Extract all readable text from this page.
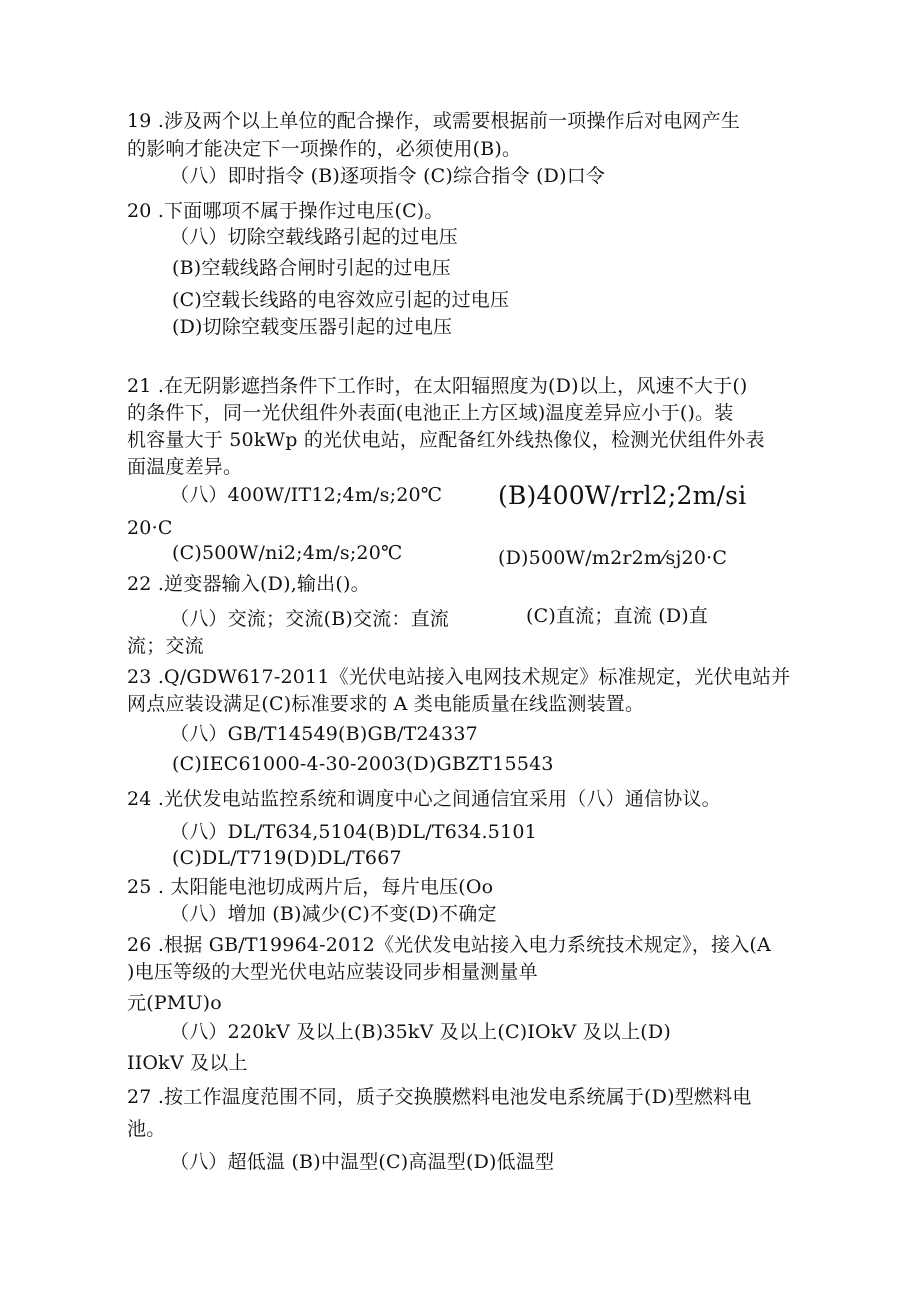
19 .涉及两个以上单位的配合操作，或需要根据前一项操作后对电网产生
的影响才能决定下一项操作的，必须使用(B)。
（八）即时指令 (B)逐项指令 (C)综合指令 (D)口令
20 .下面哪项不属于操作过电压(C)。
（八）切除空载线路引起的过电压
(B)空载线路合闸时引起的过电压
(C)空载长线路的电容效应引起的过电压
(D)切除空载变压器引起的过电压
21 .在无阴影遮挡条件下工作时，在太阳辐照度为(D)以上，风速不大于()
的条件下，同一光伏组件外表面(电池正上方区域)温度差异应小于()。装
机容量大于 50kWp 的光伏电站，应配备红外线热像仪，检测光伏组件外表
面温度差异。
（八）400W/IT12;4m/s;20℃ (B)400W/rrl2;2m/si
20·C
(C)500W/ni2;4m/s;20℃	(D)500W/m2r2m⁄sj20·C
22 .逆变器输入(D),输出()。
（八）交流；交流(B)交流：直流	(C)直流；直流 (D)直
流；交流
23 .Q/GDW617-2011《光伏电站接入电网技术规定》标准规定，光伏电站并
网点应装设满足(C)标准要求的 A 类电能质量在线监测装置。
（八）GB/T14549(B)GB/T24337
(C)IEC61000-4-30-2003(D)GBZT15543
24 .光伏发电站监控系统和调度中心之间通信宜采用（八）通信协议。
（八）DL/T634,5104(B)DL/T634.5101
(C)DL/T719(D)DL/T667
25 . 太阳能电池切成两片后，每片电压(Oo
（八）增加 (B)减少(C)不变(D)不确定
26 .根据 GB/T19964-2012《光伏发电站接入电力系统技术规定》，接入(A
)电压等级的大型光伏电站应装设同步相量测量单
元(PMU)o
（八）220kV 及以上(B)35kV 及以上(C)IOkV 及以上(D)
IIOkV 及以上
27 .按工作温度范围不同，质子交换膜燃料电池发电系统属于(D)型燃料电
池。
（八）超低温 (B)中温型(C)高温型(D)低温型
